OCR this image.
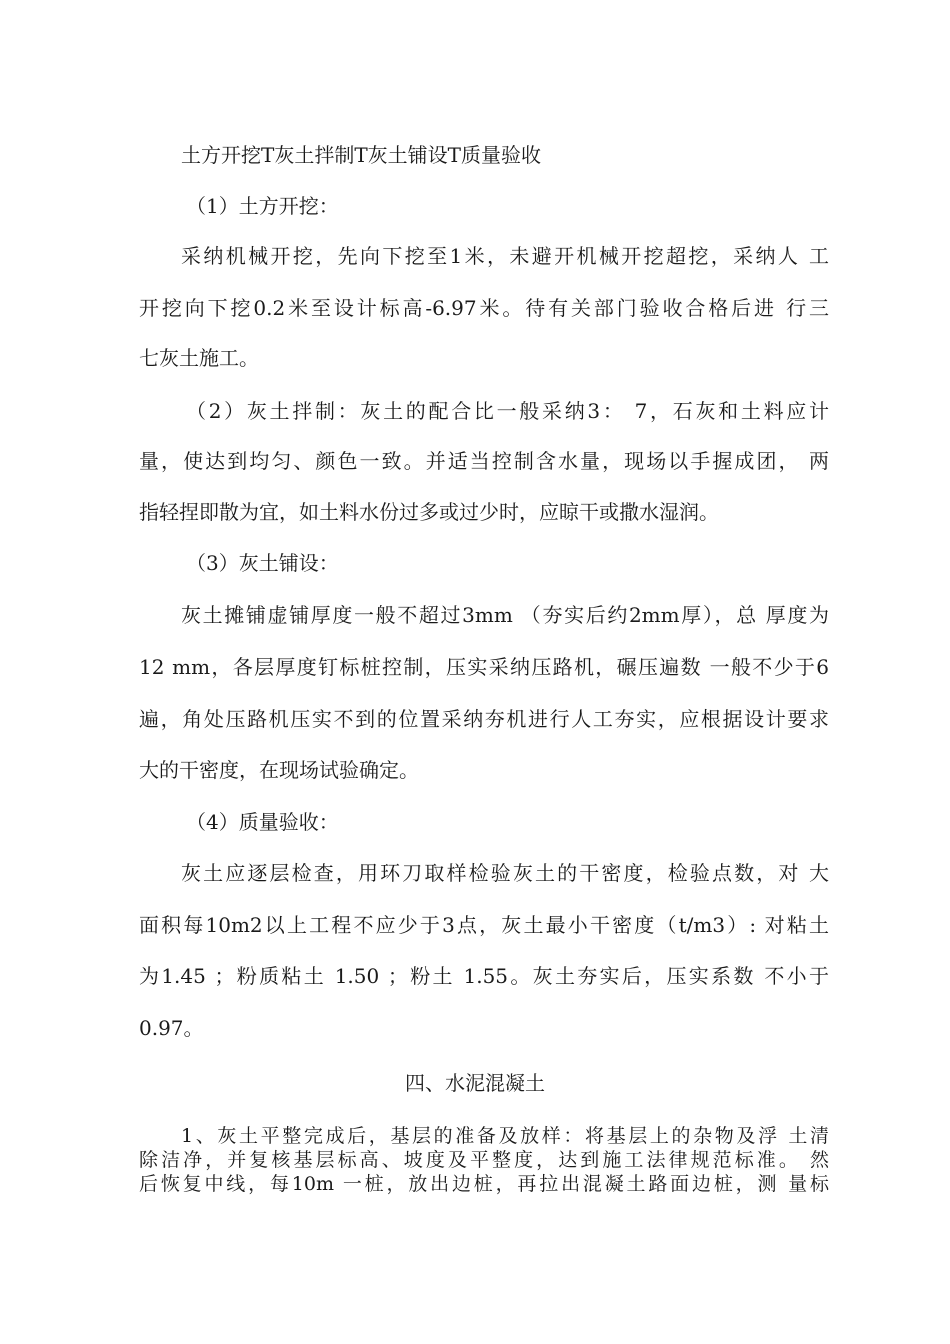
土方开挖T灰土拌制T灰土铺设T质量验收
（1）土方开挖：
采纳机械开挖，先向下挖至1米，未避开机械开挖超挖，采纳人 工
开挖向下挖0.2米至设计标高-6.97米。待有关部门验收合格后进 行三
七灰土施工。
（2）灰土拌制：灰土的配合比一般采纳3： 7，石灰和土料应计
量，使达到均匀、颜色一致。并适当控制含水量，现场以手握成团， 两
指轻捏即散为宜，如土料水份过多或过少时，应晾干或撒水湿润。
（3）灰土铺设：
灰土摊铺虚铺厚度一般不超过3mm （夯实后约2mm厚），总 厚度为
12 mm，各层厚度钉标桩控制，压实采纳压路机，碾压遍数 一般不少于6
遍，角处压路机压实不到的位置采纳夯机进行人工夯实，应根据设计要求
大的干密度，在现场试验确定。
（4）质量验收：
灰土应逐层检查，用环刀取样检验灰土的干密度，检验点数，对 大
面积每10m2以上工程不应少于3点，灰土最小干密度（t/m3）: 对粘土
为1.45 ；粉质粘土 1.50 ；粉土 1.55。灰土夯实后，压实系数 不小于
0.97。
四、水泥混凝土
1、灰土平整完成后，基层的准备及放样：将基层上的杂物及浮 土清
除洁净，并复核基层标高、坡度及平整度，达到施工法律规范标准。 然
后恢复中线，每10m 一桩，放出边桩，再拉出混凝土路面边桩，测 量标
